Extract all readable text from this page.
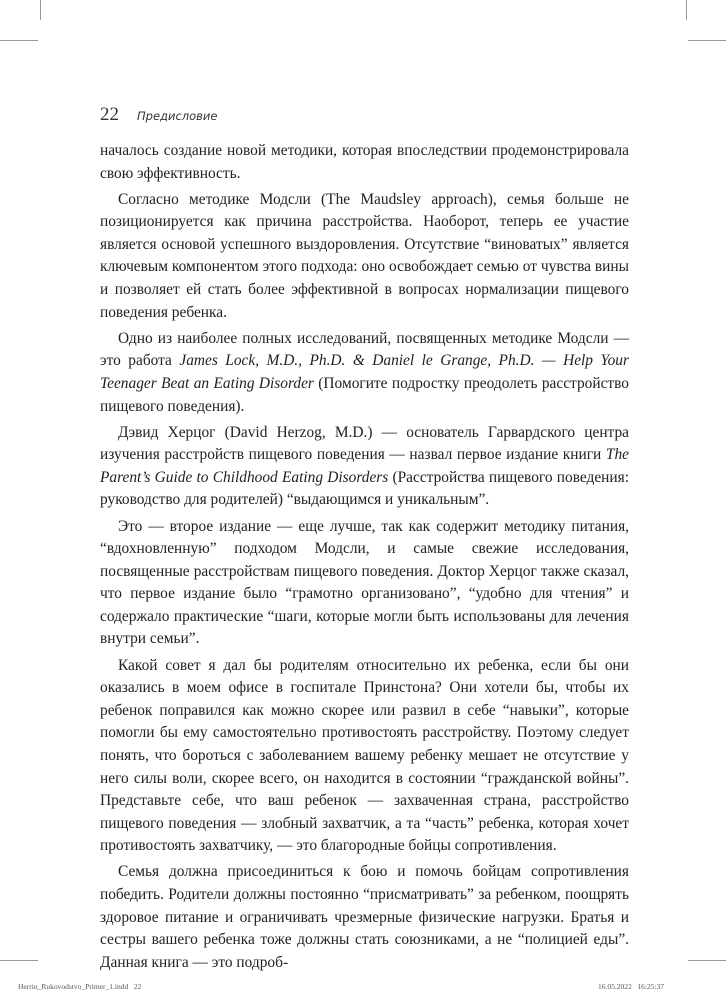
22 Предисловие

началось создание новой методики, которая впоследствии продемонстрировала свою эффективность.

Согласно методике Модсли (The Maudsley approach), семья больше не позиционируется как причина расстройства. Наоборот, теперь ее участие является основой успешного выздоровления. Отсутствие “виноватых” является ключевым компонентом этого подхода: оно освобождает семью от чувства вины и позволяет ей стать более эффективной в вопросах нормализации пищевого поведения ребенка.

Одно из наиболее полных исследований, посвященных методике Модсли — это работа James Lock, M.D., Ph.D. & Daniel le Grange, Ph.D. — Help Your Teenager Beat an Eating Disorder (Помогите подростку преодолеть расстройство пищевого поведения).

Дэвид Херцог (David Herzog, M.D.) — основатель Гарвардского центра изучения расстройств пищевого поведения — назвал первое издание книги The Parent’s Guide to Childhood Eating Disorders (Расстройства пищевого поведения: руководство для родителей) “выдающимся и уникальным”.

Это — второе издание — еще лучше, так как содержит методику питания, “вдохновленную” подходом Модсли, и самые свежие исследования, посвященные расстройствам пищевого поведения. Доктор Херцог также сказал, что первое издание было “грамотно организовано”, “удобно для чтения” и содержало практические “шаги, которые могли быть использованы для лечения внутри семьи”.

Какой совет я дал бы родителям относительно их ребенка, если бы они оказались в моем офисе в госпитале Принстона? Они хотели бы, чтобы их ребенок поправился как можно скорее или развил в себе “навыки”, которые помогли бы ему самостоятельно противостоять расстройству. Поэтому следует понять, что бороться с заболеванием вашему ребенку мешает не отсутствие у него силы воли, скорее всего, он находится в состоянии “гражданской войны”. Представьте себе, что ваш ребенок — захваченная страна, расстройство пищевого поведения — злобный захватчик, а та “часть” ребенка, которая хочет противостоять захватчику, — это благородные бойцы сопротивления.

Семья должна присоединиться к бою и помочь бойцам сопротивления победить. Родители должны постоянно “присматривать” за ребенком, поощрять здоровое питание и ограничивать чрезмерные физические нагрузки. Братья и сестры вашего ребенка тоже должны стать союзниками, а не “полицией еды”. Данная книга — это подроб-

Herrin_Rukovodstvo_Primer_1.indd   22	16.05.2022   16:25:37
